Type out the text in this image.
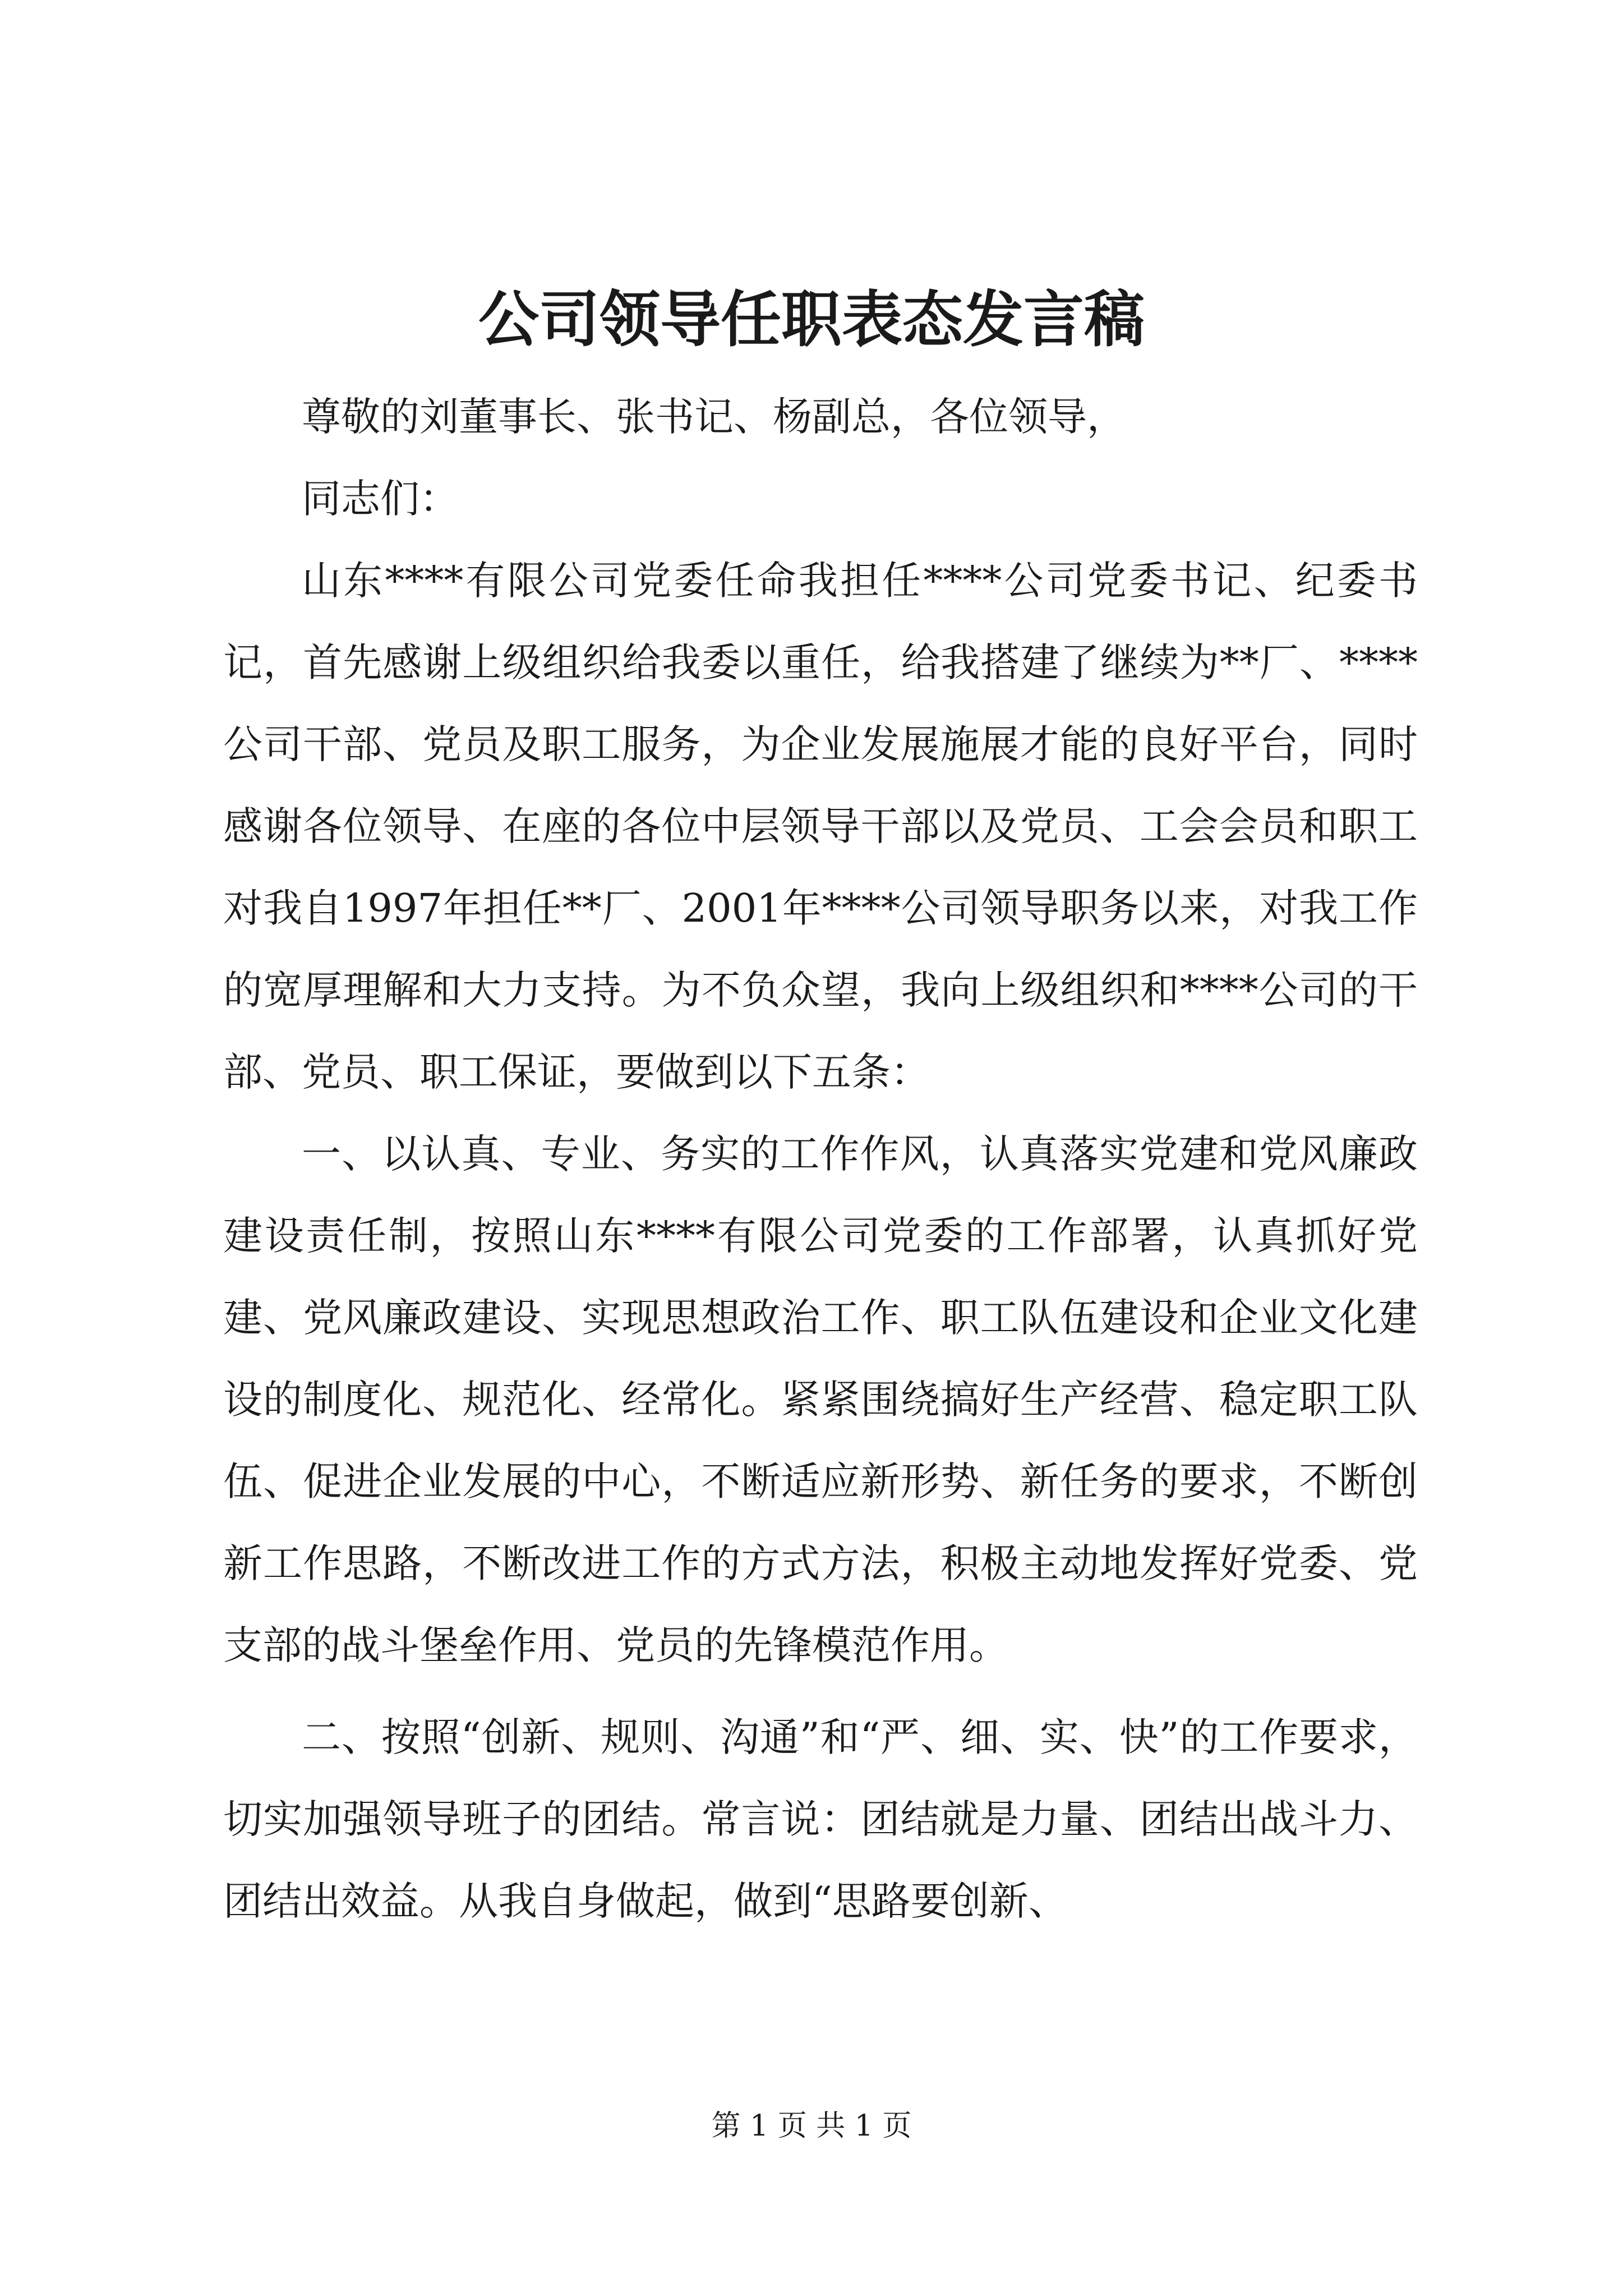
公司领导任职表态发言稿

尊敬的刘董事长、张书记、杨副总，各位领导，

同志们：

山东****有限公司党委任命我担任****公司党委书记、纪委书记，首先感谢上级组织给我委以重任，给我搭建了继续为**厂、****公司干部、党员及职工服务，为企业发展施展才能的良好平台，同时感谢各位领导、在座的各位中层领导干部以及党员、工会会员和职工对我自1997年担任**厂、2001年****公司领导职务以来，对我工作的宽厚理解和大力支持。为不负众望，我向上级组织和****公司的干部、党员、职工保证，要做到以下五条：

一、以认真、专业、务实的工作作风，认真落实党建和党风廉政建设责任制，按照山东****有限公司党委的工作部署，认真抓好党建、党风廉政建设、实现思想政治工作、职工队伍建设和企业文化建设的制度化、规范化、经常化。紧紧围绕搞好生产经营、稳定职工队伍、促进企业发展的中心，不断适应新形势、新任务的要求，不断创新工作思路，不断改进工作的方式方法，积极主动地发挥好党委、党支部的战斗堡垒作用、党员的先锋模范作用。

二、按照“创新、规则、沟通”和“严、细、实、快”的工作要求，切实加强领导班子的团结。常言说：团结就是力量、团结出战斗力、团结出效益。从我自身做起，做到“思路要创新、

第 1 页 共 1 页
